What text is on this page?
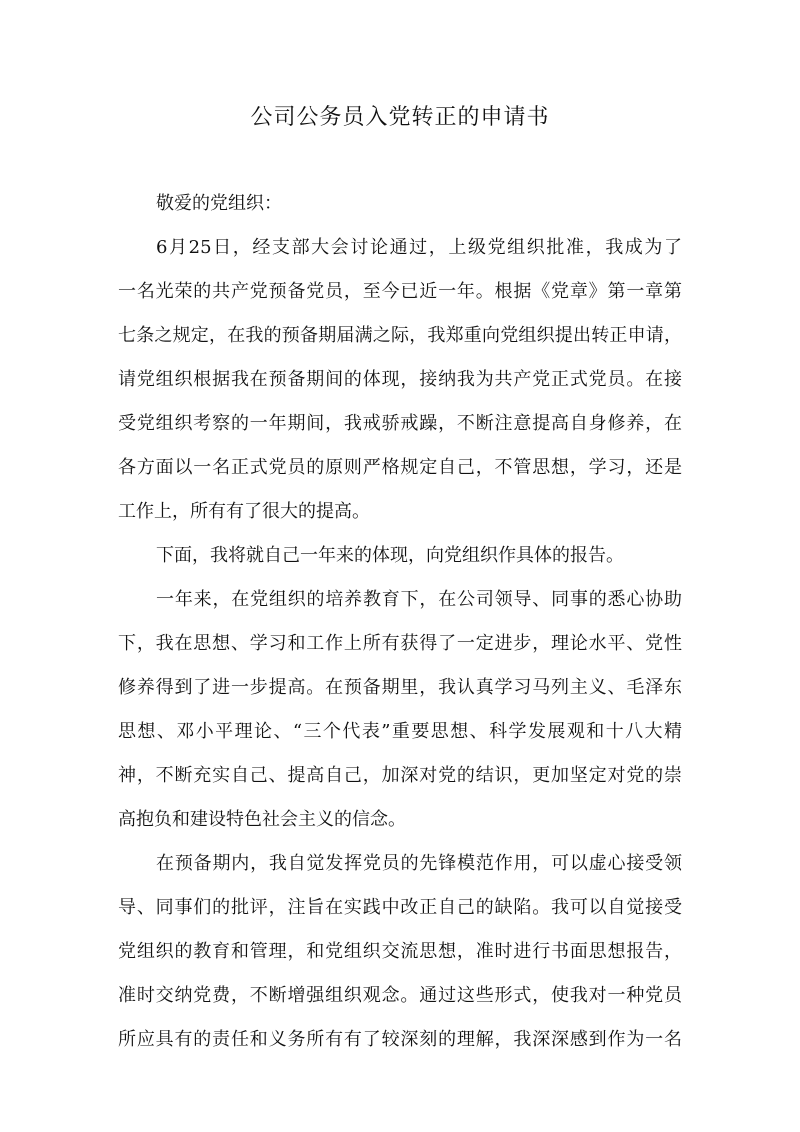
公司公务员入党转正的申请书
敬爱的党组织：
6月25日，经支部大会讨论通过，上级党组织批准，我成为了
一名光荣的共产党预备党员，至今已近一年。根据《党章》第一章第
七条之规定，在我的预备期届满之际，我郑重向党组织提出转正申请，
请党组织根据我在预备期间的体现，接纳我为共产党正式党员。在接
受党组织考察的一年期间，我戒骄戒躁，不断注意提高自身修养，在
各方面以一名正式党员的原则严格规定自己，不管思想，学习，还是
工作上，所有有了很大的提高。
下面，我将就自己一年来的体现，向党组织作具体的报告。
一年来，在党组织的培养教育下，在公司领导、同事的悉心协助
下，我在思想、学习和工作上所有获得了一定进步，理论水平、党性
修养得到了进一步提高。在预备期里，我认真学习马列主义、毛泽东
思想、邓小平理论、“三个代表”重要思想、科学发展观和十八大精
神，不断充实自己、提高自己，加深对党的结识，更加坚定对党的崇
高抱负和建设特色社会主义的信念。
在预备期内，我自觉发挥党员的先锋模范作用，可以虚心接受领
导、同事们的批评，注旨在实践中改正自己的缺陷。我可以自觉接受
党组织的教育和管理，和党组织交流思想，准时进行书面思想报告，
准时交纳党费，不断增强组织观念。通过这些形式，使我对一种党员
所应具有的责任和义务所有有了较深刻的理解，我深深感到作为一名
